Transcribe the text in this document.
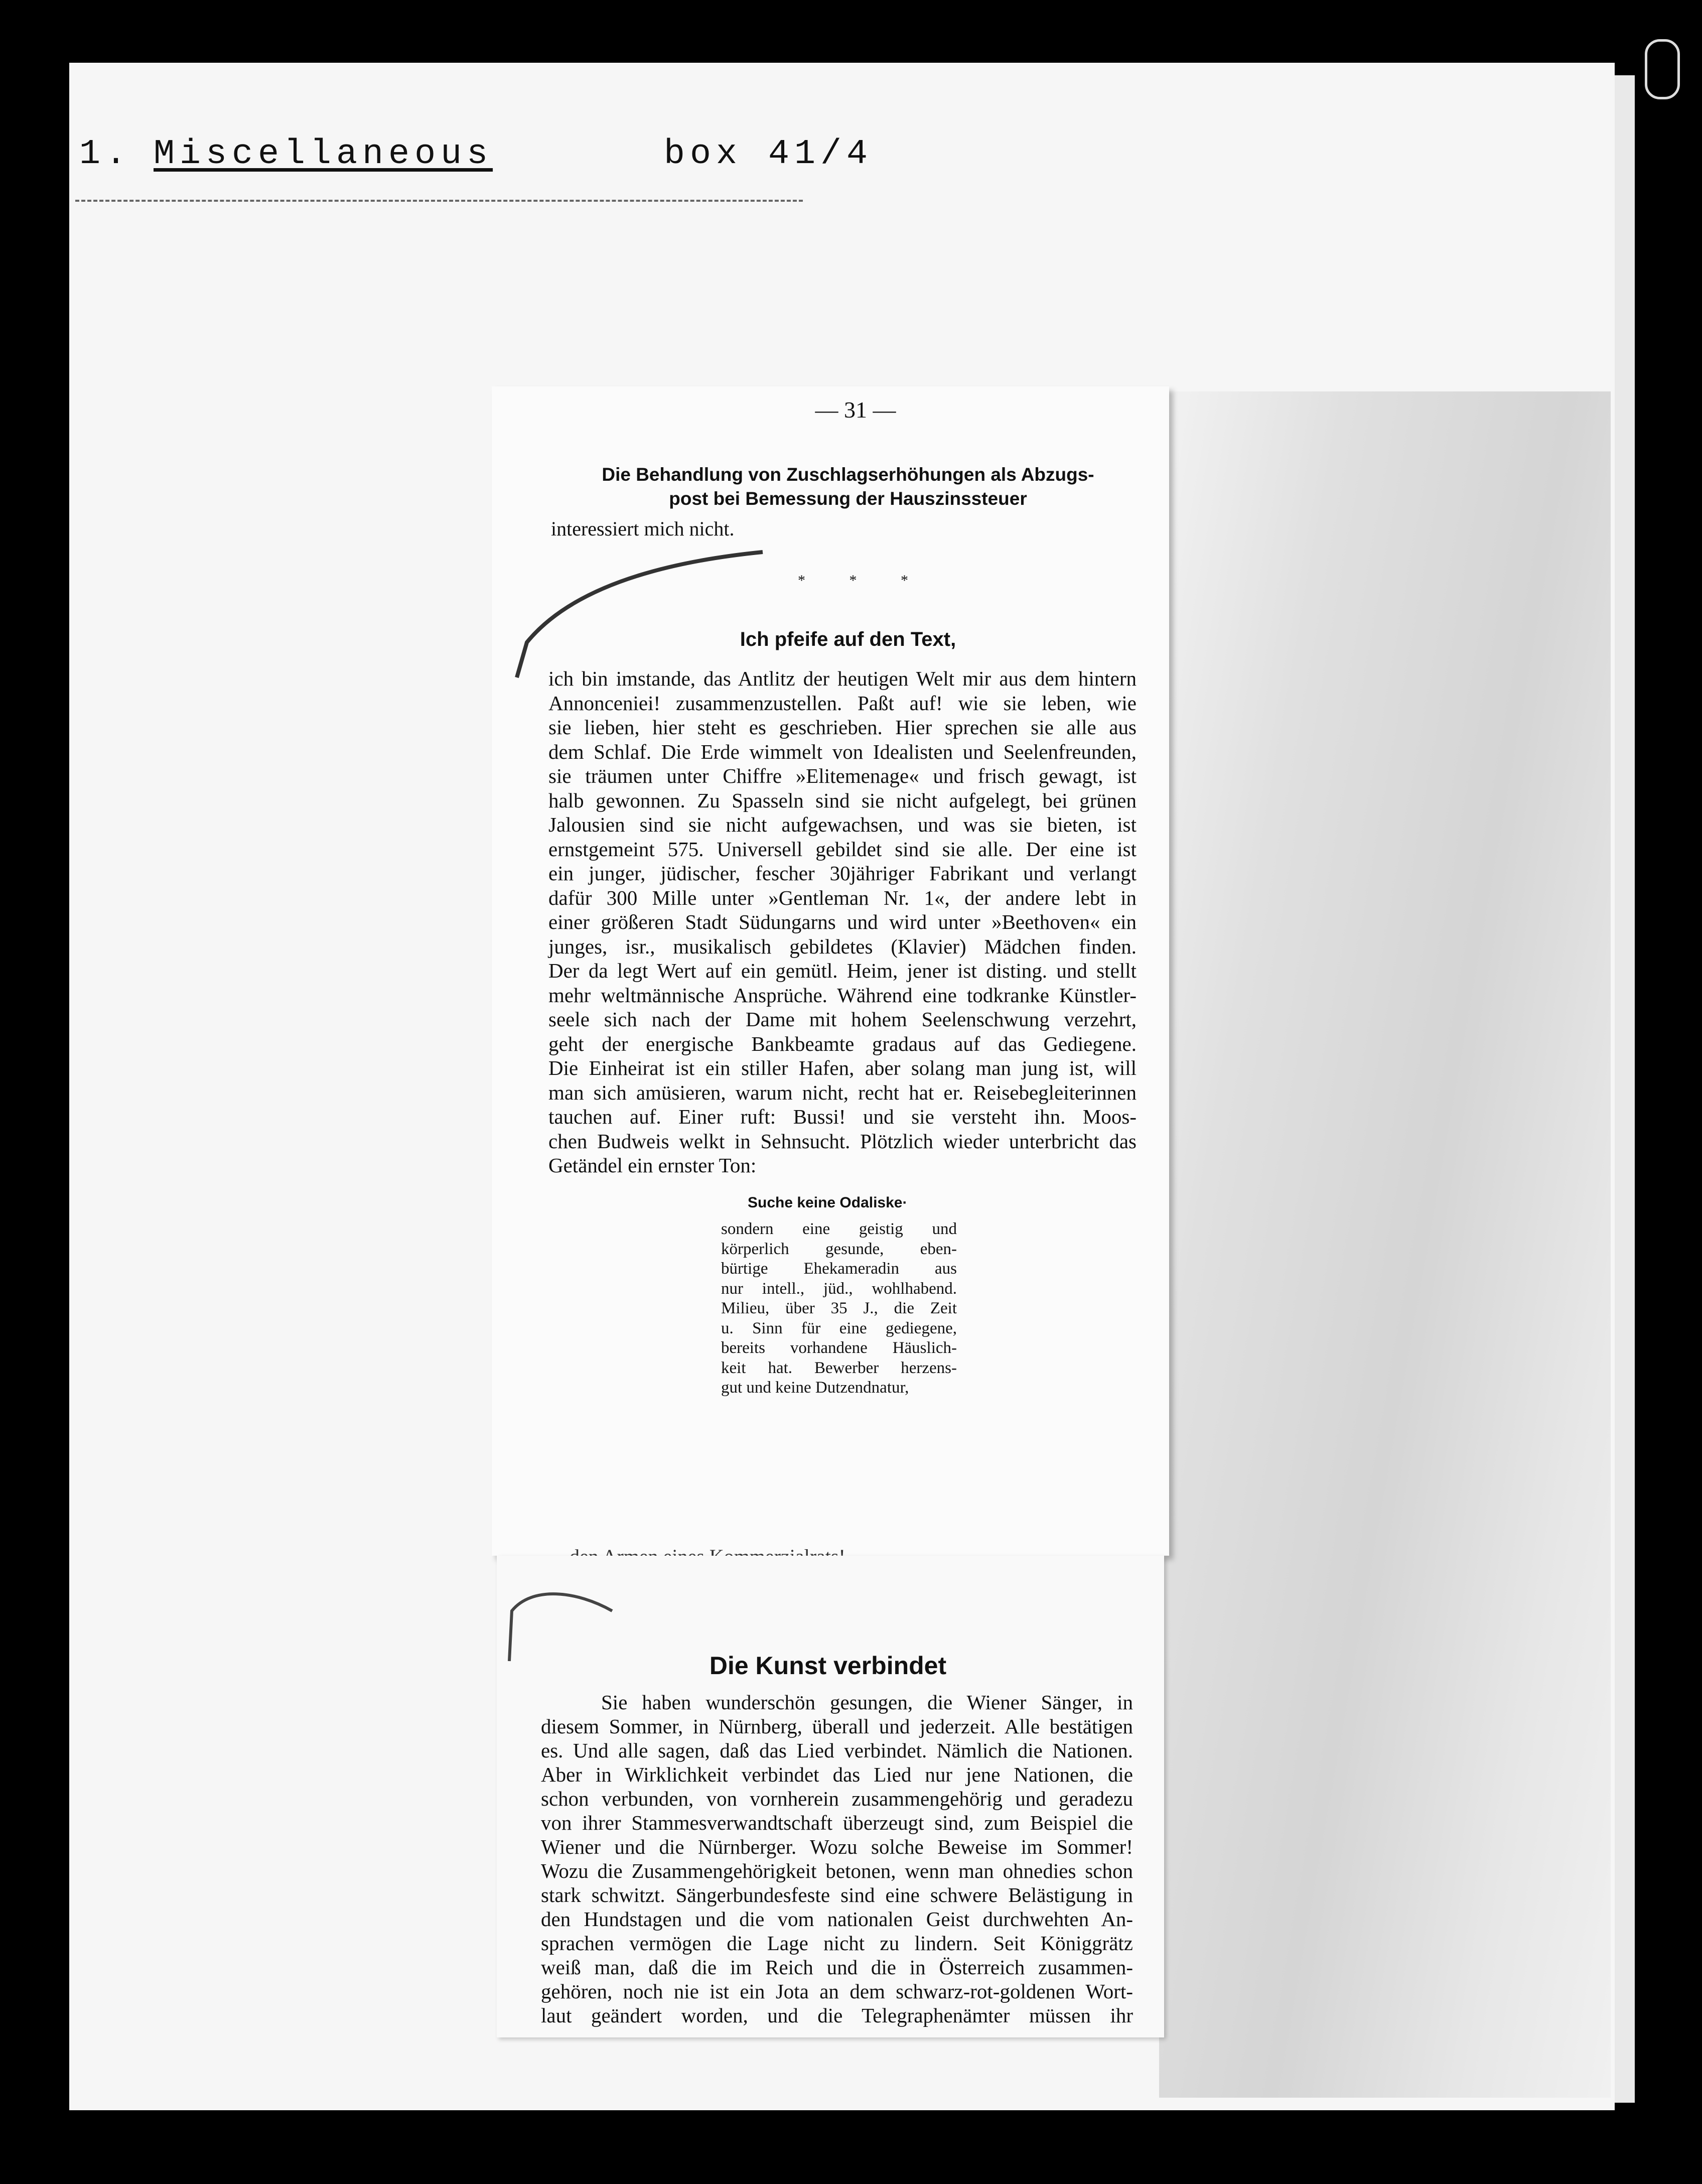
1. Miscellaneous	box 41/4
— 31 —
Die Behandlung von Zuschlagserhöhungen als Abzugs-
post bei Bemessung der Hauszinssteuer
interessiert mich nicht.
* * *
Ich pfeife auf den Text,
ich bin imstande, das Antlitz der heutigen Welt mir aus dem hintern
Annonceniei! zusammenzustellen. Paßt auf! wie sie leben, wie
sie lieben, hier steht es geschrieben. Hier sprechen sie alle aus
dem Schlaf. Die Erde wimmelt von Idealisten und Seelenfreunden,
sie träumen unter Chiffre »Elitemenage« und frisch gewagt, ist
halb gewonnen. Zu Spasseln sind sie nicht aufgelegt, bei grünen
Jalousien sind sie nicht aufgewachsen, und was sie bieten, ist
ernstgemeint 575. Universell gebildet sind sie alle. Der eine ist
ein junger, jüdischer, fescher 30jähriger Fabrikant und verlangt
dafür 300 Mille unter »Gentleman Nr. 1«, der andere lebt in
einer größeren Stadt Südungarns und wird unter »Beethoven« ein
junges, isr., musikalisch gebildetes (Klavier) Mädchen finden.
Der da legt Wert auf ein gemütl. Heim, jener ist disting. und stellt
mehr weltmännische Ansprüche. Während eine todkranke Künstler-
seele sich nach der Dame mit hohem Seelenschwung verzehrt,
geht der energische Bankbeamte gradaus auf das Gediegene.
Die Einheirat ist ein stiller Hafen, aber solang man jung ist, will
man sich amüsieren, warum nicht, recht hat er. Reisebegleiterinnen
tauchen auf. Einer ruft: Bussi! und sie versteht ihn. Moos-
chen Budweis welkt in Sehnsucht. Plötzlich wieder unterbricht das
Getändel ein ernster Ton:
Suche keine Odaliske·
sondern eine geistig und
körperlich gesunde, eben-
bürtige Ehekameradin aus
nur intell., jüd., wohlhabend.
Milieu, über 35 J., die Zeit
u. Sinn für eine gediegene,
bereits vorhandene Häuslich-
keit hat. Bewerber herzens-
gut und keine Dutzendnatur,
Die Kunst verbindet
Sie haben wunderschön gesungen, die Wiener Sänger, in
diesem Sommer, in Nürnberg, überall und jederzeit. Alle bestätigen
es. Und alle sagen, daß das Lied verbindet. Nämlich die Nationen.
Aber in Wirklichkeit verbindet das Lied nur jene Nationen, die
schon verbunden, von vornherein zusammengehörig und geradezu
von ihrer Stammesverwandtschaft überzeugt sind, zum Beispiel die
Wiener und die Nürnberger. Wozu solche Beweise im Sommer!
Wozu die Zusammengehörigkeit betonen, wenn man ohnedies schon
stark schwitzt. Sängerbundesfeste sind eine schwere Belästigung in
den Hundstagen und die vom nationalen Geist durchwehten An-
sprachen vermögen die Lage nicht zu lindern. Seit Königgrätz
weiß man, daß die im Reich und die in Österreich zusammen-
gehören, noch nie ist ein Jota an dem schwarz-rot-goldenen Wort-
laut geändert worden, und die Telegraphenämter müssen ihr
